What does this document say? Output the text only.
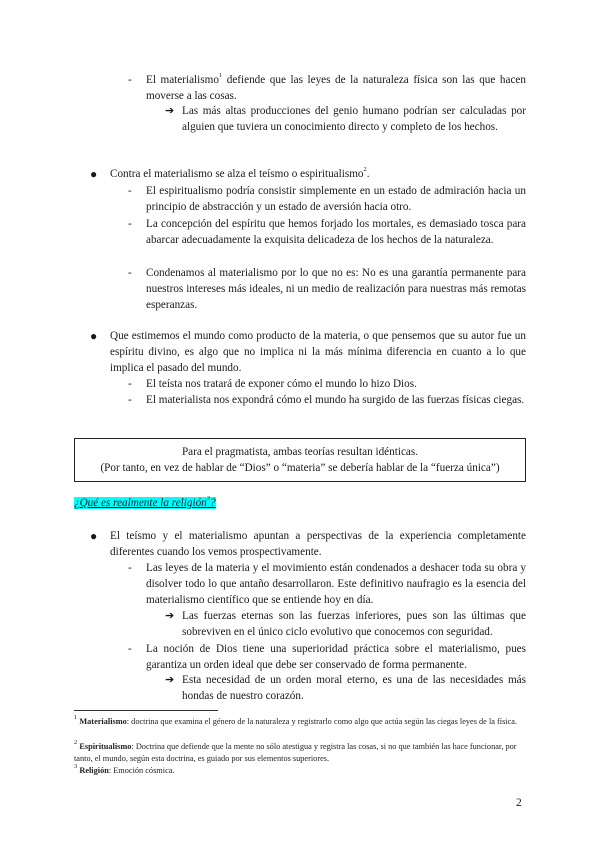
- El materialismo$^1$ defiende que las leyes de la naturaleza física son las que hacen moverse a las cosas.
➔ Las más altas producciones del genio humano podrían ser calculadas por alguien que tuviera un conocimiento directo y completo de los hechos.
● Contra el materialismo se alza el teísmo o espiritualismo$^2$.
- El espiritualismo podría consistir simplemente en un estado de admiración hacia un principio de abstracción y un estado de aversión hacia otro.
- La concepción del espíritu que hemos forjado los mortales, es demasiado tosca para abarcar adecuadamente la exquisita delicadeza de los hechos de la naturaleza.
- Condenamos al materialismo por lo que no es: No es una garantía permanente para nuestros intereses más ideales, ni un medio de realización para nuestras más remotas esperanzas.
● Que estimemos el mundo como producto de la materia, o que pensemos que su autor fue un espíritu divino, es algo que no implica ni la más mínima diferencia en cuanto a lo que implica el pasado del mundo.
- El teísta nos tratará de exponer cómo el mundo lo hizo Dios.
- El materialista nos expondrá cómo el mundo ha surgido de las fuerzas físicas ciegas.
Para el pragmatista, ambas teorías resultan idénticas.
(Por tanto, en vez de hablar de “Dios” o “materia” se debería hablar de la “fuerza única”)
¿Qué es realmente la religión$^3$?
● El teísmo y el materialismo apuntan a perspectivas de la experiencia completamente diferentes cuando los vemos prospectivamente.
- Las leyes de la materia y el movimiento están condenados a deshacer toda su obra y disolver todo lo que antaño desarrollaron. Este definitivo naufragio es la esencia del materialismo científico que se entiende hoy en día.
➔ Las fuerzas eternas son las fuerzas inferiores, pues son las últimas que sobreviven en el único ciclo evolutivo que conocemos con seguridad.
- La noción de Dios tiene una superioridad práctica sobre el materialismo, pues garantiza un orden ideal que debe ser conservado de forma permanente.
➔ Esta necesidad de un orden moral eterno, es una de las necesidades más hondas de nuestro corazón.
$^1$ Materialismo: doctrina que examina el género de la naturaleza y registrarlo como algo que actúa según las ciegas leyes de la física.
$^2$ Espiritualismo: Doctrina que defiende que la mente no sólo atestigua y registra las cosas, si no que también las hace funcionar, por tanto, el mundo, según esta doctrina, es guiado por sus elementos superiores.
$^3$ Religión: Emoción cósmica.
2
